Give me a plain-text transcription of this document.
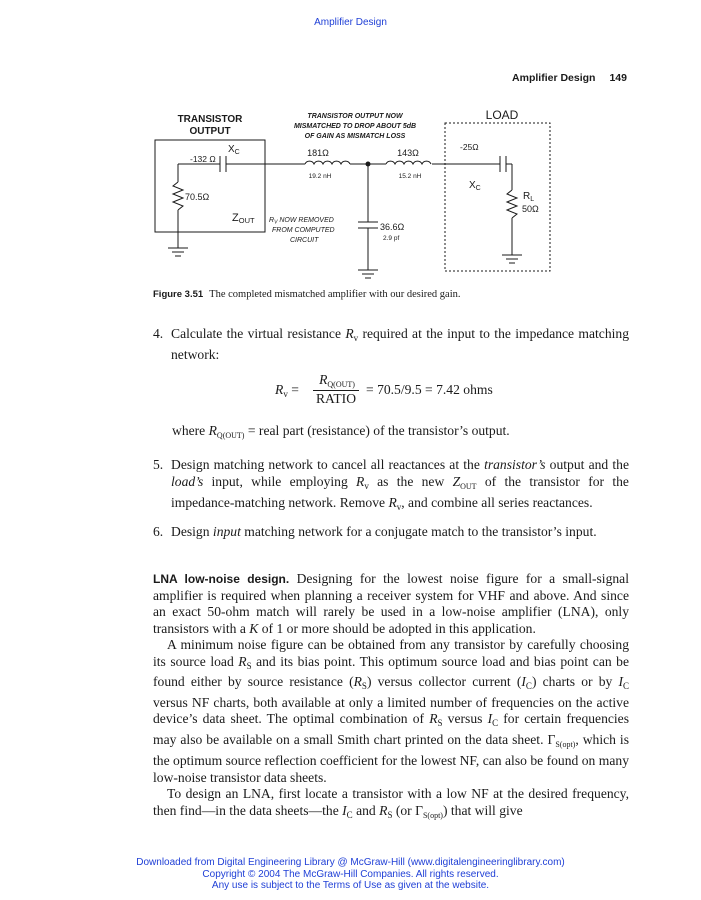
Amplifier Design
Amplifier Design 149
TRANSISTOR
OUTPUT
TRANSISTOR OUTPUT NOW
MISMATCHED TO DROP ABOUT 5dB
OF GAIN AS MISMATCH LOSS
LOAD
$X_C$
-132 Ω
70.5Ω
ZOUT $R_V$ NOW REMOVED
FROM COMPUTED
CIRCUIT
181Ω
19.2 nH
143Ω
15.2 nH
36.6Ω
2.9 pf
-25Ω
$X_C$
$R_L$
50Ω
Figure 3.51 The completed mismatched amplifier with our desired gain.
4. Calculate the virtual resistance $R_v$ required at the input to the impedance matching network:
$R_v$ =
$R_{Q(OUT)}$
RATIO
= 70.5/9.5 = 7.42 ohms
where $R_{Q(OUT)}$ = real part (resistance) of the transistor’s output.
5. Design matching network to cancel all reactances at the transistor’s output and the load’s input, while employing $R_v$ as the new $Z_{OUT}$ of the transistor for the impedance-matching network. Remove $R_v$, and combine all series reactances.
6. Design input matching network for a conjugate match to the transistor’s input.
LNA low-noise design. Designing for the lowest noise figure for a small-signal amplifier is required when planning a receiver system for VHF and above. And since an exact 50-ohm match will rarely be used in a low-noise amplifier (LNA), only transistors with a K of 1 or more should be adopted in this application.
A minimum noise figure can be obtained from any transistor by carefully choosing its source load $R_S$ and its bias point. This optimum source load and bias point can be found either by source resistance $(R_S)$ versus collector current $(I_C)$ charts or by $I_C$ versus NF charts, both available at only a limited number of frequencies on the active device’s data sheet. The optimal combination of $R_S$ versus $I_C$ for certain frequencies may also be available on a small Smith chart printed on the data sheet. $\Gamma_{S(opt)}$, which is the optimum source reflection coefficient for the lowest NF, can also be found on many low-noise transistor data sheets.
To design an LNA, first locate a transistor with a low NF at the desired frequency, then find—in the data sheets—the $I_C$ and $R_S$ (or $\Gamma_{S(opt)}$) that will give
Downloaded from Digital Engineering Library @ McGraw-Hill (www.digitalengineeringlibrary.com)
Copyright © 2004 The McGraw-Hill Companies. All rights reserved.
Any use is subject to the Terms of Use as given at the website.
